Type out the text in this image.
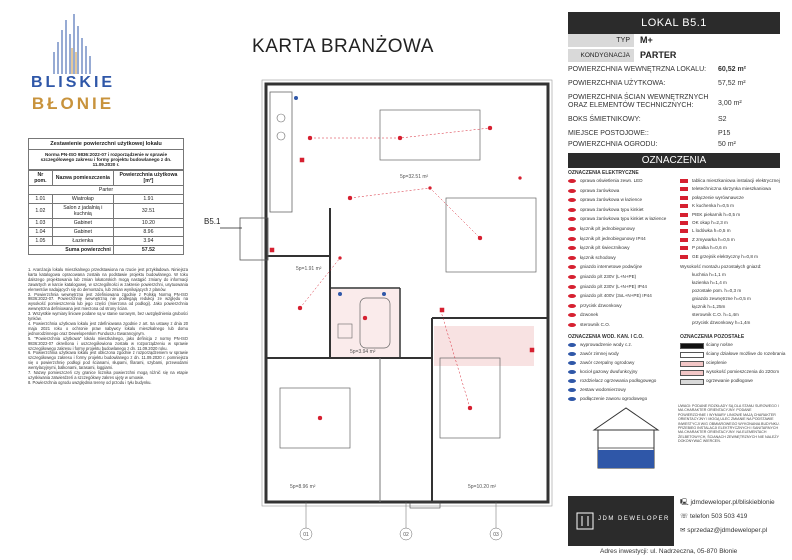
BLISKIE
BŁONIE
Zestawienie powierzchni użytkowej lokalu
Norma PN-ISO 9836:2022-07 i rozporządzenie w sprawie szczegółowego zakresu i formy projektu budowlanego z dn. 11.09.2020 r.
Nr pom.	Nazwa pomieszczenia	Powierzchnia użytkowa [m²]
Parter		
1.01	Wiatrołap	1.91
1.02	Salon z jadalnią i kuchnią	32.51
1.03	Gabinet	10.20
1.04	Gabinet	8.96
1.05	Łazienka	3.94
Suma powierzchni		57.52
1. Aranżacja lokalu mieszkalnego przedstawiona na rzucie jest przykładowa. Niniejsza karta katalogowa opracowana została na podstawie projektu budowlanego. W toku dalszego projektowania lub zmian lokatorskich mogą nastąpić zmiany do informacji zawartych w karcie katalogowej, w szczególności w zakresie powierzchni, usytuowania elementów nadających się do demontażu, lub zmian wynikających z planów.
2. Powierzchnia wewnętrzna jest zdefiniowana zgodnie z Polską Normą PN-ISO 9836:2022-07. Powierzchnię wewnętrzną nie podlegają redukcji ze względu na wysokość pomieszczenia lub jego części (mierzona od podłogi). Jako powierzchnia wewnętrzna definiowana jest mierzona od strony ścian.
3. Wszystkie wymiary liniowe podane są w stanie surowym, bez uwzględnienia grubości tynków.
4. Powierzchnia użytkowa lokalu jest zdefiniowana zgodnie z art. 5a ustawy z dnia 20 maja 2021 roku o ochronie praw nabywcy lokalu mieszkalnego lub domu jednorodzinnego oraz Deweloperskim Funduszu Gwarancyjnym.
5. "Powierzchnia użytkowa" lokalu mieszkalnego, jako definicja z normy PN-ISO 9836:2022-07 określona i uszczegółowiona została w rozporządzeniu w sprawie szczegółowego zakresu i formy projektu budowlanego z dn. 11.09.2020 roku.
6. Powierzchnia użytkowa lokalu jest obliczona zgodnie z rozporządzeniem w sprawie szczegółowego zakresu i formy projektu budowlanego z dn. 11.09.2020 r. pomniejsza się o powierzchnię podłogi pod ścianami, słupami, filarami, szybami, przewodami wentylacyjnymi, balkonami, tarasami, loggiami.
7. Nazwy pomieszczeń czy granice licznika powierzchni mogą różnić się na etapie uzyskiwania zatwierdzeń a szczegółowy zakres ujęty w umowie.
8. Powierzchnia ogrodu uwzględnia tereny od przodu i tyłu budynku.
KARTA BRANŻOWA
01	02	03
B5.1
5p=1.91 m²
5p=32.51 m²
5p=10.20 m²
5p=8.96 m²
5p=3.94 m²
LOKAL B5.1
TYP	M+
KONDYGNACJA	PARTER
POWIERZCHNIA WEWNĘTRZNA LOKALU: 60,52 m²
POWIERZCHNIA UŻYTKOWA:	57,52 m²
POWIERZCHNIA ŚCIAN WEWNĘTRZNYCH ORAZ ELEMENTÓW TECHNICZNYCH:	3,00 m²
BOKS ŚMIETNIKOWY:	S2
MIEJSCE POSTOJOWE::	P15
POWIERZCHNIA OGRODU:	50 m²
OZNACZENIA
OZNACZENIA ELEKTRYCZNE
oprawa oświetlenia zewn. LED
oprawa żarówkowa
oprawa żarówkowa w łazience
oprawa żarówkowa typu kinkiet
oprawa żarówkowa typu kinkiet w łazience
łącznik p/t jednobiegunowy
łącznik p/t jednobiegunowy IP44
łącznik p/t świecznikowy
łącznik schodowy
gniazdo internetowe podwójne
gniazdo p/t 230V (L+N+PE)
gniazdo p/t 230V (L+N+PE) IP44
gniazdo p/t 400V (3xL+N+PE) IP44
przycisk dzwonkowy
dzwonek
sterownik C.O.
tablica mieszkaniowa instalacji elektrycznej
teletechniczna skrzynka mieszkaniowa
połączenie wyrównawcze
K kuchenka h=0,5 m
PIEK piekarnik h=0,5 m
OK okap h=2,3 m
L lodówka h=0,5 m
Z zmywarka h=0,5 m
P pralka h=0,6 m
GE grzejnik elektryczny h=0,8 m
Wysokość montażu pozostałych gniazd:
kuchnia h=1,1 m
łazienka h=1,4 m
pozostałe pom. h=0,3 m
gniazdo zewnętrzne h=0,5 m
łącznik h=1,25m
sterownik C.O. h=1,4m
przycisk dzwonkowy h=1,4m
OZNACZENIA WOD. KAN. I C.O.
wyprowadzenie wody c.z.
zawór zimnej wody
zawór czerpalny ogrodowy
kocioł gazowy dwufunkcyjny
rozdzielacz ogrzewania podłogowego
zestaw wodomierzowy
podłączenie zaworu ogrodowego
OZNACZENIA POZOSTAŁE
ściany nośne
ściany działowe możliwe do rozebrania
ocieplenie
wysokość pomieszczenia do 220cm
ogrzewanie podłogowe
UWAGI: PODANE ROZKŁADY SĄ DLA STANU SUROWEGO I MA CHARAKTER ORIENTACYJNY. PODANE POWIERZCHNIE I WYMIARY LINIOWE MAJĄ CHARAKTER ORIENTACYJNY I MOGĄ ULEC ZMIANIE NA PODSTAWIE INWESTYCJI W/G OBMIAROWEGO WYKONANIA BUDYNKU. PRZEBIEG INSTALACJI ELEKTRYCZNYCH I SANITARNYCH MA CHARAKTER ORIENTACYJNY. NA ELEMENTACH ŻELBETOWYCH, ŚCIANACH ZEWNĘTRZNYCH NIE NALEŻY DOKONYWAĆ WIERCEŃ.
JDM DEWELOPER
🖳 jdmdeweloper.pl/bliskieblonie
☏ telefon 503 503 419
✉ sprzedaz@jdmdeweloper.pl
Adres inwestycji: ul. Nadrzeczna, 05-870 Błonie
